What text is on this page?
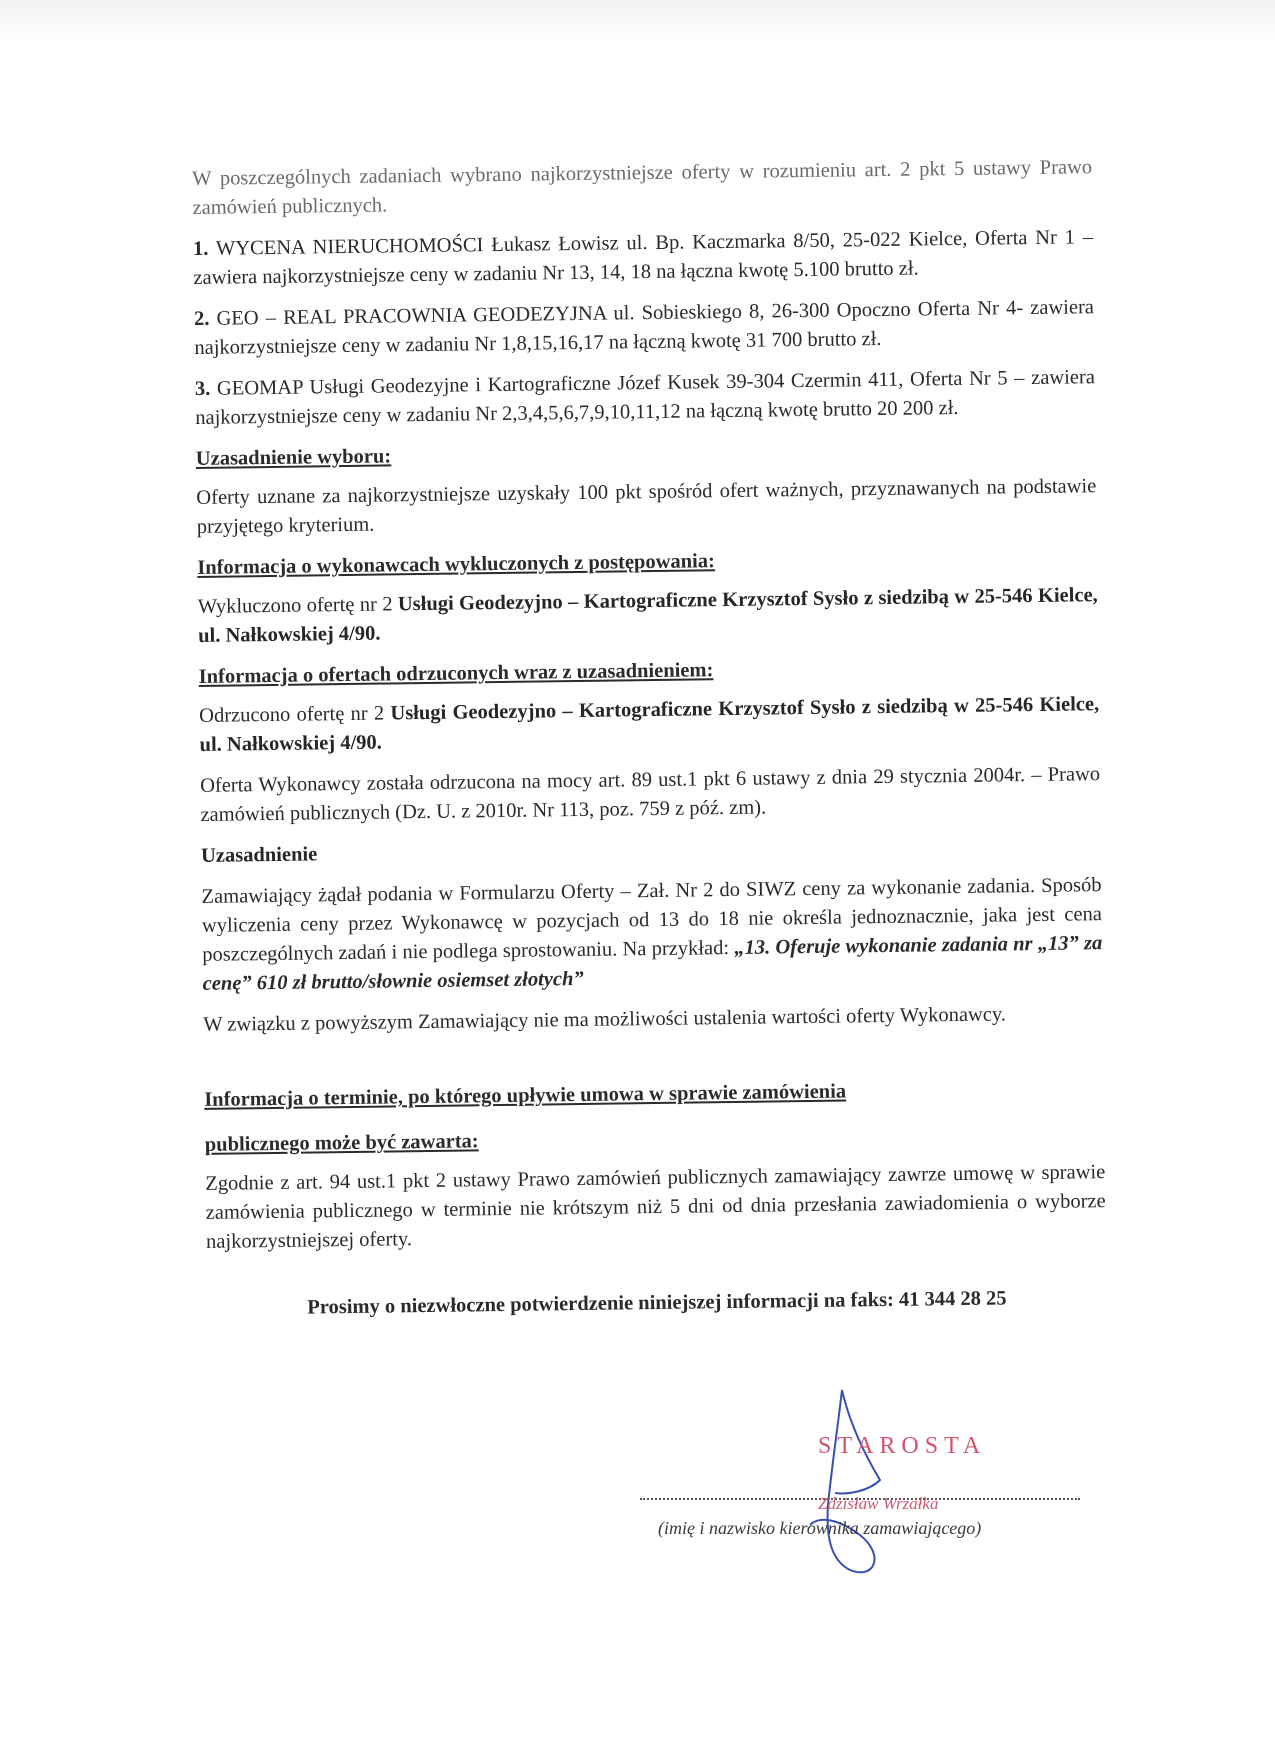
W poszczególnych zadaniach wybrano najkorzystniejsze oferty w rozumieniu art. 2 pkt 5 ustawy Prawo zamówień publicznych.

1. WYCENA NIERUCHOMOŚCI Łukasz Łowisz ul. Bp. Kaczmarka 8/50, 25-022 Kielce, Oferta Nr 1 – zawiera najkorzystniejsze ceny w zadaniu Nr 13, 14, 18 na łączna kwotę 5.100 brutto zł.

2. GEO – REAL PRACOWNIA GEODEZYJNA ul. Sobieskiego 8, 26-300 Opoczno Oferta Nr 4- zawiera najkorzystniejsze ceny w zadaniu Nr 1,8,15,16,17 na łączną kwotę 31 700 brutto zł.

3. GEOMAP Usługi Geodezyjne i Kartograficzne Józef Kusek 39-304 Czermin 411, Oferta Nr 5 – zawiera najkorzystniejsze ceny w zadaniu Nr 2,3,4,5,6,7,9,10,11,12 na łączną kwotę brutto 20 200 zł.

Uzasadnienie wyboru:

Oferty uznane za najkorzystniejsze uzyskały 100 pkt spośród ofert ważnych, przyznawanych na podstawie przyjętego kryterium.

Informacja o wykonawcach wykluczonych z postępowania:

Wykluczono ofertę nr 2 Usługi Geodezyjno – Kartograficzne Krzysztof Sysło z siedzibą w 25-546 Kielce, ul. Nałkowskiej 4/90.

Informacja o ofertach odrzuconych wraz z uzasadnieniem:

Odrzucono ofertę nr 2 Usługi Geodezyjno – Kartograficzne Krzysztof Sysło z siedzibą w 25-546 Kielce, ul. Nałkowskiej 4/90.

Oferta Wykonawcy została odrzucona na mocy art. 89 ust.1 pkt 6 ustawy z dnia 29 stycznia 2004r. – Prawo zamówień publicznych (Dz. U. z 2010r. Nr 113, poz. 759 z póź. zm).

Uzasadnienie

Zamawiający żądał podania w Formularzu Oferty – Zał. Nr 2 do SIWZ ceny za wykonanie zadania. Sposób wyliczenia ceny przez Wykonawcę w pozycjach od 13 do 18 nie określa jednoznacznie, jaka jest cena poszczególnych zadań i nie podlega sprostowaniu. Na przykład: „13. Oferuje wykonanie zadania nr „13” za cenę” 610 zł brutto/słownie osiemset złotych”

W związku z powyższym Zamawiający nie ma możliwości ustalenia wartości oferty Wykonawcy.

Informacja o terminie, po którego upływie umowa w sprawie zamówienia
publicznego może być zawarta:

Zgodnie z art. 94 ust.1 pkt 2 ustawy Prawo zamówień publicznych zamawiający zawrze umowę w sprawie zamówienia publicznego w terminie nie krótszym niż 5 dni od dnia przesłania zawiadomienia o wyborze najkorzystniejszej oferty.

Prosimy o niezwłoczne potwierdzenie niniejszej informacji na faks: 41 344 28 25
STAROSTA
Zdzisław Wrzałka
(imię i nazwisko kierownika zamawiającego)
